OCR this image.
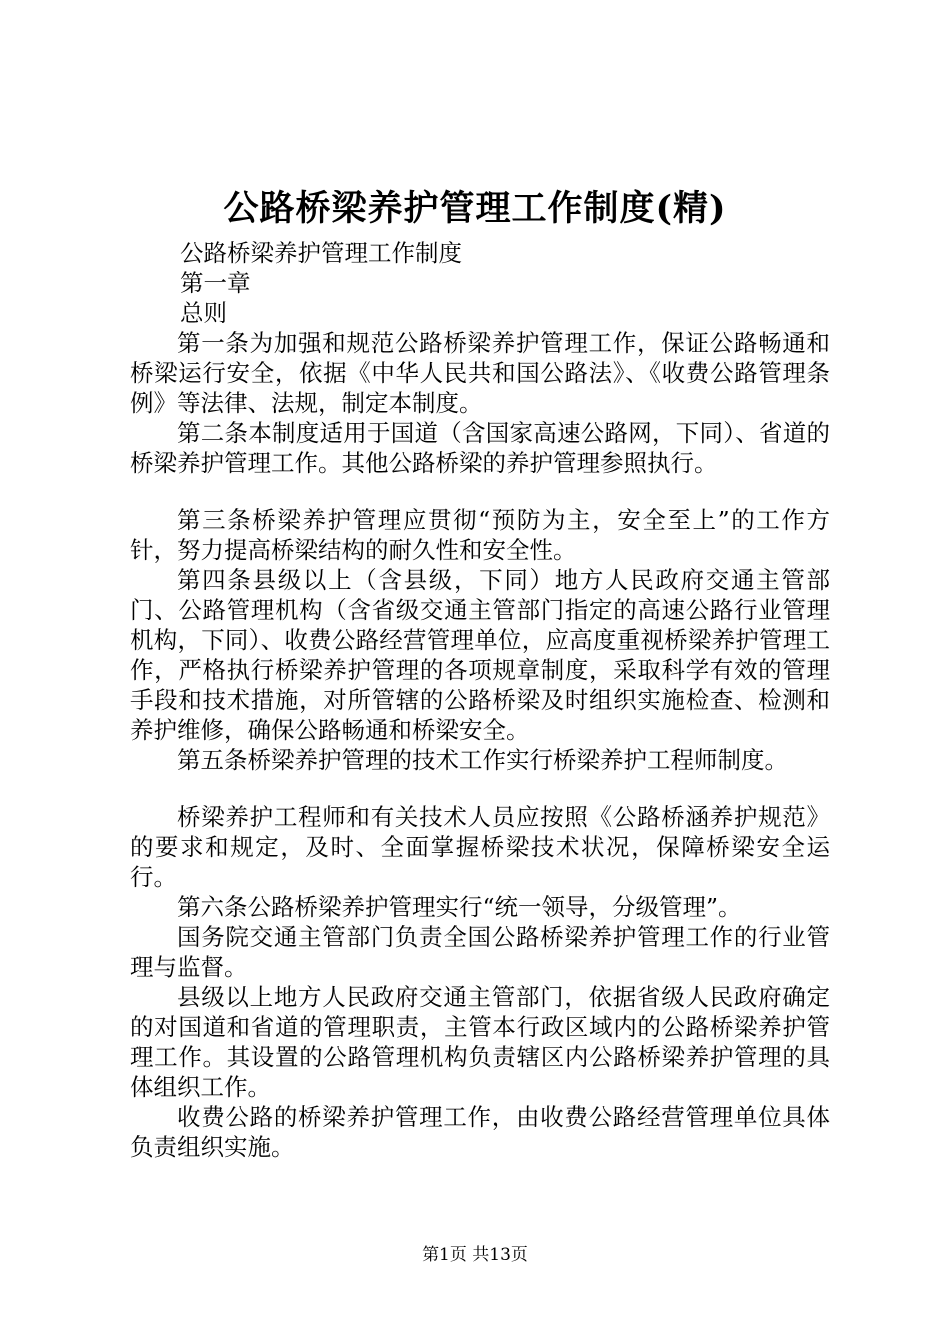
公路桥梁养护管理工作制度(精)

公路桥梁养护管理工作制度

第一章

总则

第一条为加强和规范公路桥梁养护管理工作，保证公路畅通和桥梁运行安全，依据《中华人民共和国公路法》、《收费公路管理条例》等法律、法规，制定本制度。

第二条本制度适用于国道（含国家高速公路网，下同）、省道的桥梁养护管理工作。其他公路桥梁的养护管理参照执行。

第三条桥梁养护管理应贯彻“预防为主，安全至上”的工作方针，努力提高桥梁结构的耐久性和安全性。

第四条县级以上（含县级，下同）地方人民政府交通主管部门、公路管理机构（含省级交通主管部门指定的高速公路行业管理机构，下同）、收费公路经营管理单位，应高度重视桥梁养护管理工作，严格执行桥梁养护管理的各项规章制度，采取科学有效的管理手段和技术措施，对所管辖的公路桥梁及时组织实施检查、检测和养护维修，确保公路畅通和桥梁安全。

第五条桥梁养护管理的技术工作实行桥梁养护工程师制度。

桥梁养护工程师和有关技术人员应按照《公路桥涵养护规范》的要求和规定，及时、全面掌握桥梁技术状况，保障桥梁安全运行。

第六条公路桥梁养护管理实行“统一领导，分级管理”。

国务院交通主管部门负责全国公路桥梁养护管理工作的行业管理与监督。

县级以上地方人民政府交通主管部门，依据省级人民政府确定的对国道和省道的管理职责，主管本行政区域内的公路桥梁养护管理工作。其设置的公路管理机构负责辖区内公路桥梁养护管理的具体组织工作。

收费公路的桥梁养护管理工作，由收费公路经营管理单位具体负责组织实施。

第1页 共13页
